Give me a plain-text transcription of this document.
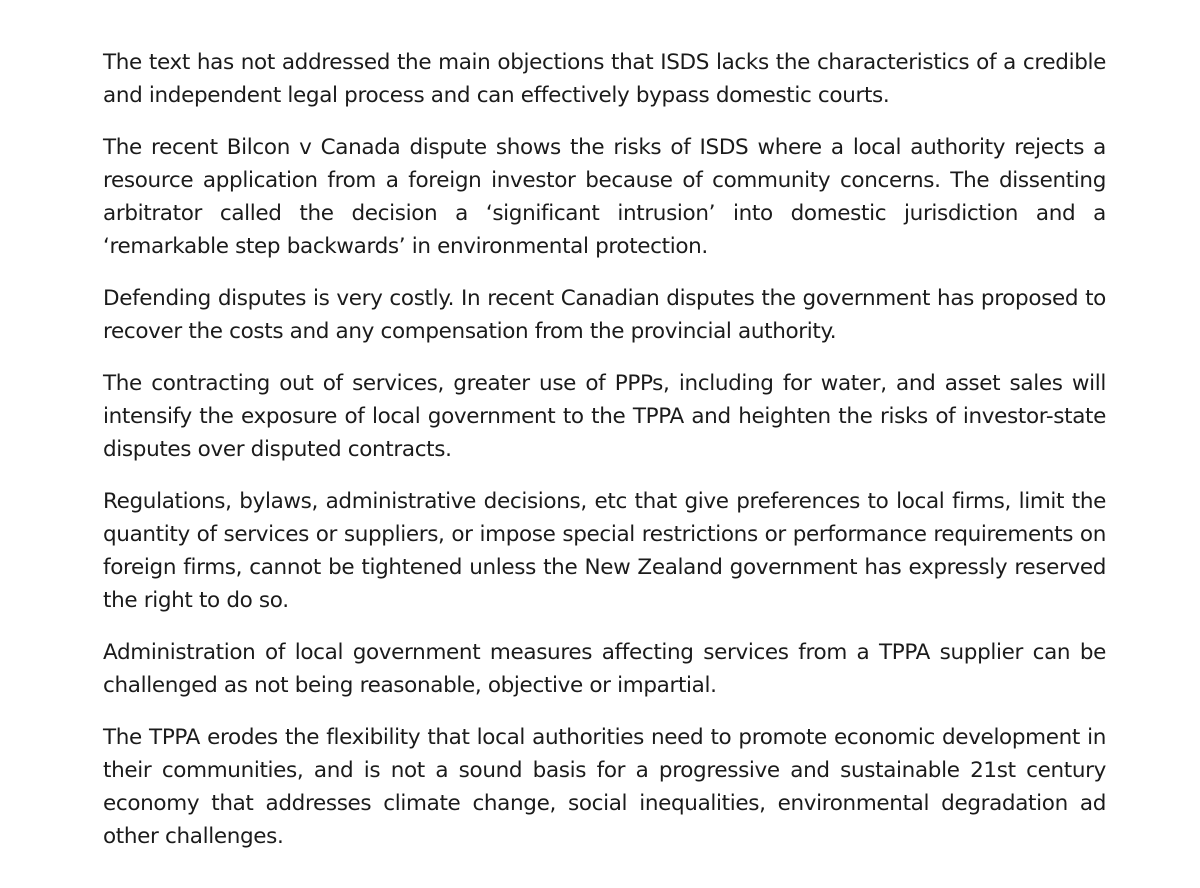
The text has not addressed the main objections that ISDS lacks the characteristics of a credible and independent legal process and can effectively bypass domestic courts.

The recent Bilcon v Canada dispute shows the risks of ISDS where a local authority rejects a resource application from a foreign investor because of community concerns. The dissenting arbitrator called the decision a ‘significant intrusion’ into domestic jurisdiction and a ‘remarkable step backwards’ in environmental protection.

Defending disputes is very costly. In recent Canadian disputes the government has proposed to recover the costs and any compensation from the provincial authority.

The contracting out of services, greater use of PPPs, including for water, and asset sales will intensify the exposure of local government to the TPPA and heighten the risks of investor-state disputes over disputed contracts.

Regulations, bylaws, administrative decisions, etc that give preferences to local firms, limit the quantity of services or suppliers, or impose special restrictions or performance requirements on foreign firms, cannot be tightened unless the New Zealand government has expressly reserved the right to do so.

Administration of local government measures affecting services from a TPPA supplier can be challenged as not being reasonable, objective or impartial.

The TPPA erodes the flexibility that local authorities need to promote economic development in their communities, and is not a sound basis for a progressive and sustainable 21st century economy that addresses climate change, social inequalities, environmental degradation ad other challenges.
